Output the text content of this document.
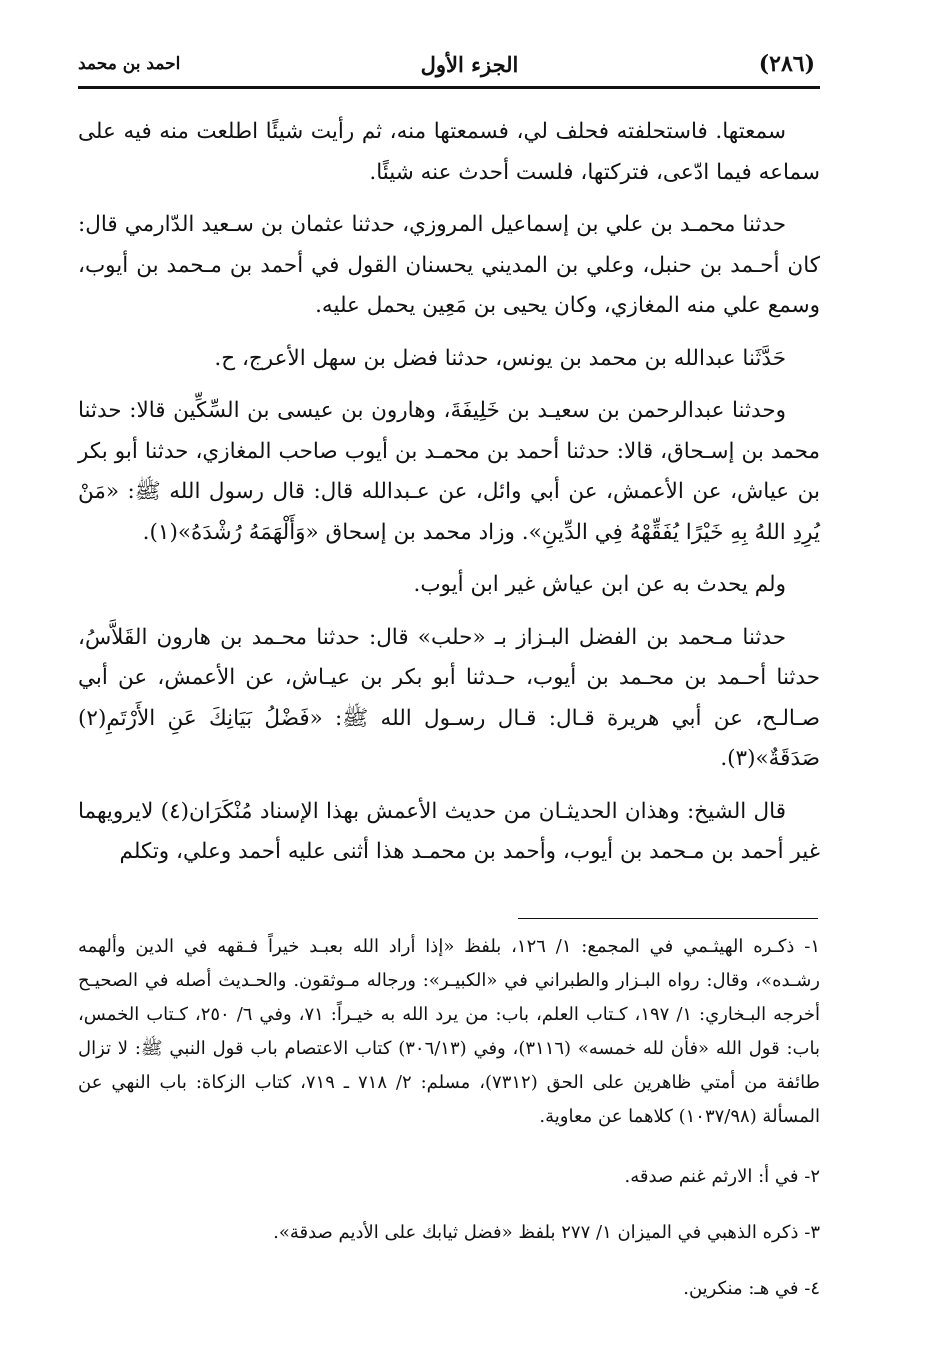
(٢٨٦)
الجزء الأول
احمد بن محمد

سمعتها. فاستحلفته فحلف لي، فسمعتها منه، ثم رأيت شيئًا اطلعت منه فيه على سماعه فيما ادّعى، فتركتها، فلست أحدث عنه شيئًا.

حدثنا محمـد بن علي بن إسماعيل المروزي، حدثنا عثمان بن سـعيد الدّارمي قال: كان أحـمد بن حنبل، وعلي بن المديني يحسنان القول في أحمد بن مـحمد بن أيوب، وسمع علي منه المغازي، وكان يحيى بن مَعِين يحمل عليه.

حَدَّثَنا عبدالله بن محمد بن يونس، حدثنا فضل بن سهل الأعرج، ح.

وحدثنا عبدالرحمن بن سعيـد بن خَلِيفَةَ، وهارون بن عيسى بن السِّكِّين قالا: حدثنا محمد بن إسـحاق، قالا: حدثنا أحمد بن محمـد بن أيوب صاحب المغازي، حدثنا أبو بكر بن عياش، عن الأعمش، عن أبي وائل، عن عـبدالله قال: قال رسول الله ﷺ: «مَنْ يُرِدِ اللهُ بِهِ خَيْرًا يُفَقِّهْهُ فِي الدِّينِ». وزاد محمد بن إسحاق «وَأَلْهَمَهُ رُشْدَهُ»(١).

ولم يحدث به عن ابن عياش غير ابن أيوب.

حدثنا مـحمد بن الفضل البـزاز بـ «حلب» قال: حدثنا محـمد بن هارون القَلاَّسُ، حدثنا أحـمد بن محـمد بن أيوب، حـدثنا أبو بكر بن عيـاش، عن الأعمش، عن أبي صـالـح، عن أبي هريرة قـال: قـال رسـول الله ﷺ: «فَضْلُ بَيَانِكَ عَنِ الأَرْتَمِ(٢) صَدَقَةٌ»(٣).

قال الشيخ: وهذان الحديثـان من حديث الأعمش بهذا الإسناد مُنْكَرَان(٤) لايرويهما غير أحمد بن مـحمد بن أيوب، وأحمد بن محمـد هذا أثنى عليه أحمد وعلي، وتكلم

١- ذكـره الهيثـمي في المجمع: ١/ ١٢٦، بلفظ «إذا أراد الله بعبـد خيراً فـقهه في الدين وألهمه رشـده»، وقال: رواه البـزار والطبراني في «الكبيـر»: ورجاله مـوثقون. والحـديث أصله في الصحيـح أخرجه البـخاري: ١/ ١٩٧، كـتاب العلم، باب: من يرد الله به خيـراً: ٧١، وفي ٦/ ٢٥٠، كـتاب الخمس، باب: قول الله «فأن لله خمسه» (٣١١٦)، وفي (٣٠٦/١٣) كتاب الاعتصام باب قول النبي ﷺ: لا تزال طائفة من أمتي ظاهرين على الحق (٧٣١٢)، مسلم: ٢/ ٧١٨ ـ ٧١٩، كتاب الزكاة: باب النهي عن المسألة (١٠٣٧/٩٨) كلاهما عن معاوية.

٢- في أ: الارثم غنم صدقه.

٣- ذكره الذهبي في الميزان ١/ ٢٧٧ بلفظ «فضل ثيابك على الأديم صدقة».

٤- في هـ: منكرين.
